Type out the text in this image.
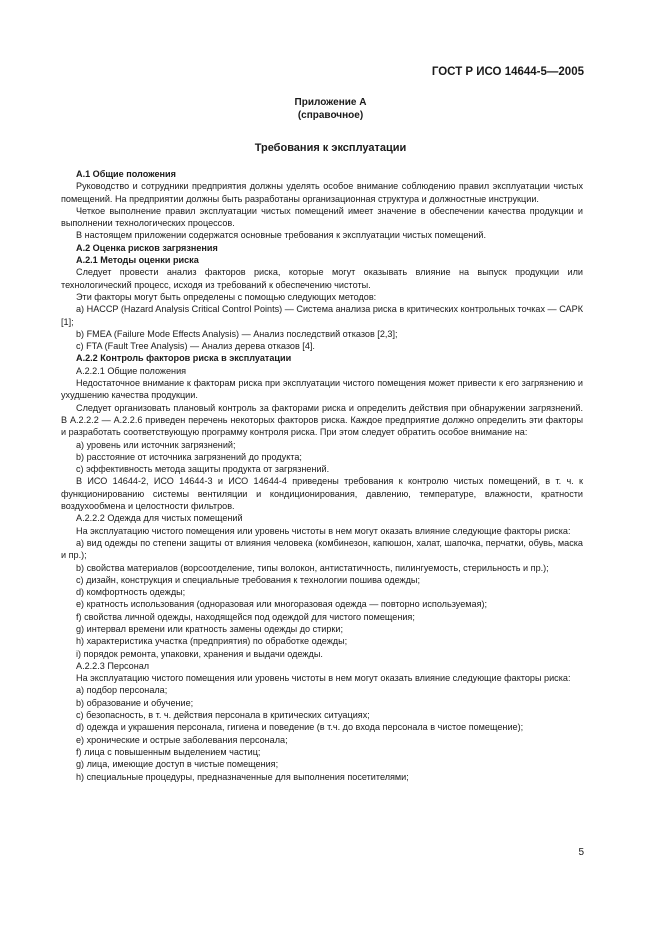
ГОСТ Р ИСО 14644-5—2005
Приложение А
(справочное)
Требования к эксплуатации

А.1 Общие положения

Руководство и сотрудники предприятия должны уделять особое внимание соблюдению правил эксплуатации чистых помещений. На предприятии должны быть разработаны организационная структура и должностные инструкции.

Четкое выполнение правил эксплуатации чистых помещений имеет значение в обеспечении качества продукции и выполнении технологических процессов.

В настоящем приложении содержатся основные требования к эксплуатации чистых помещений.

А.2 Оценка рисков загрязнения

А.2.1 Методы оценки риска

Следует провести анализ факторов риска, которые могут оказывать влияние на выпуск продукции или технологический процесс, исходя из требований к обеспечению чистоты.

Эти факторы могут быть определены с помощью следующих методов:

а) HACCP (Hazard Analysis Critical Control Points) — Система анализа риска в критических контрольных точках — САРК [1];

b) FMEA (Failure Mode Effects Analysis) — Анализ последствий отказов [2,3];

с) FTA (Fault Tree Analysis) — Анализ дерева отказов [4].

А.2.2 Контроль факторов риска в эксплуатации

А.2.2.1 Общие положения

Недостаточное внимание к факторам риска при эксплуатации чистого помещения может привести к его загрязнению и ухудшению качества продукции.

Следует организовать плановый контроль за факторами риска и определить действия при обнаружении загрязнений. В А.2.2.2 — А.2.2.6 приведен перечень некоторых факторов риска. Каждое предприятие должно определить эти факторы и разработать соответствующую программу контроля риска. При этом следует обратить особое внимание на:

а) уровень или источник загрязнений;

b) расстояние от источника загрязнений до продукта;

с) эффективность метода защиты продукта от загрязнений.

В ИСО 14644-2, ИСО 14644-3 и ИСО 14644-4 приведены требования к контролю чистых помещений, в т. ч. к функционированию системы вентиляции и кондиционирования, давлению, температуре, влажности, кратности воздухообмена и целостности фильтров.

А.2.2.2 Одежда для чистых помещений

На эксплуатацию чистого помещения или уровень чистоты в нем могут оказать влияние следующие факторы риска:

а) вид одежды по степени защиты от влияния человека (комбинезон, капюшон, халат, шапочка, перчатки, обувь, маска и пр.);

b) свойства материалов (ворсоотделение, типы волокон, антистатичность, пилингуемость, стерильность и пр.);

с) дизайн, конструкция и специальные требования к технологии пошива одежды;

d) комфортность одежды;

е) кратность использования (одноразовая или многоразовая одежда — повторно используемая);

f) свойства личной одежды, находящейся под одеждой для чистого помещения;

g) интервал времени или кратность замены одежды до стирки;

h) характеристика участка (предприятия) по обработке одежды;

i) порядок ремонта, упаковки, хранения и выдачи одежды.

А.2.2.3 Персонал

На эксплуатацию чистого помещения или уровень чистоты в нем могут оказать влияние следующие факторы риска:

а) подбор персонала;

b) образование и обучение;

с) безопасность, в т. ч. действия персонала в критических ситуациях;

d) одежда и украшения персонала, гигиена и поведение (в т.ч. до входа персонала в чистое помещение);

е) хронические и острые заболевания персонала;

f) лица с повышенным выделением частиц;

g) лица, имеющие доступ в чистые помещения;

h) специальные процедуры, предназначенные для выполнения посетителями;

5
